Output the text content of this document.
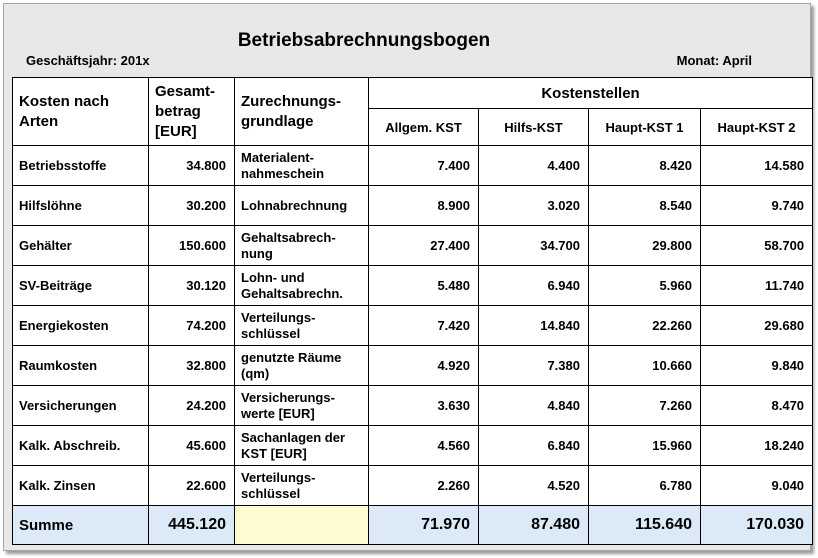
Betriebsabrechnungsbogen
Geschäftsjahr: 201x	Monat: April
Kosten nach Arten	Gesamt-betrag [EUR]	Zurechnungs-grundlage	Kostenstellen			
			Allgem. KST	Hilfs-KST	Haupt-KST 1	Haupt-KST 2
Betriebsstoffe	34.800	Materialent-nahmeschein	7.400	4.400	8.420	14.580
Hilfslöhne	30.200	Lohnabrechnung	8.900	3.020	8.540	9.740
Gehälter	150.600	Gehaltsabrech-nung	27.400	34.700	29.800	58.700
SV-Beiträge	30.120	Lohn- und Gehaltsabrechn.	5.480	6.940	5.960	11.740
Energiekosten	74.200	Verteilungs-schlüssel	7.420	14.840	22.260	29.680
Raumkosten	32.800	genutzte Räume (qm)	4.920	7.380	10.660	9.840
Versicherungen	24.200	Versicherungs-werte [EUR]	3.630	4.840	7.260	8.470
Kalk. Abschreib.	45.600	Sachanlagen der KST [EUR]	4.560	6.840	15.960	18.240
Kalk. Zinsen	22.600	Verteilungs-schlüssel	2.260	4.520	6.780	9.040
Summe	445.120		71.970	87.480	115.640	170.030
